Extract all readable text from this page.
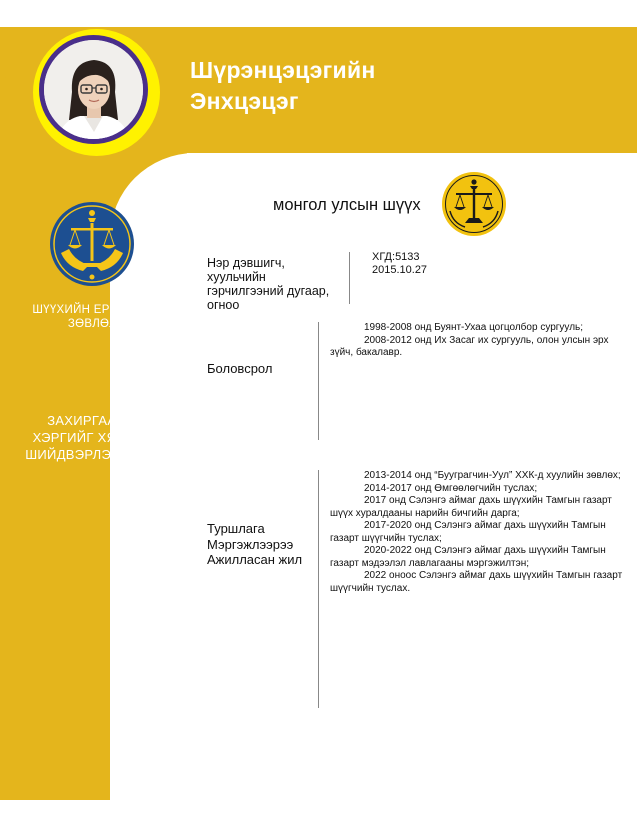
Шүрэнцэцэгийн
Энхцэцэг
ШҮҮХИЙН ЕРӨНХИЙ
ЗӨВЛӨЛ
ЗАХИРГААНЫ
ХЭРГИЙГ ХЯНАЛТ
ШИЙДВЭРЛЭХ ШҮҮХ
монгол улсын шүүх
Нэр дэвшигч,
хуульчийн
гэрчилгээний дугаар,
огноо
ХГД:5133
2015.10.27
Боловсрол

1998-2008 онд Буянт-Ухаа цогцолбор сургууль;

2008-2012 онд Их Засаг их сургууль, олон улсын эрх зүйч, бакалавр.

Туршлага
Мэргэжлээрээ
Ажилласан жил

2013-2014 онд “Бууграгчин-Уул” ХХК-д хуулийн зөвлөх;

2014-2017 онд Өмгөөлөгчийн туслах;

2017 онд Сэлэнгэ аймаг дахь шүүхийн Тамгын газарт шүүх хуралдааны нарийн бичгийн дарга;

2017-2020 онд Сэлэнгэ аймаг дахь шүүхийн Тамгын газарт шүүгчийн туслах;

2020-2022 онд Сэлэнгэ аймаг дахь шүүхийн Тамгын газарт мэдээлэл лавлагааны мэргэжилтэн;

2022 оноос Сэлэнгэ аймаг дахь шүүхийн Тамгын газарт шүүгчийн туслах.
